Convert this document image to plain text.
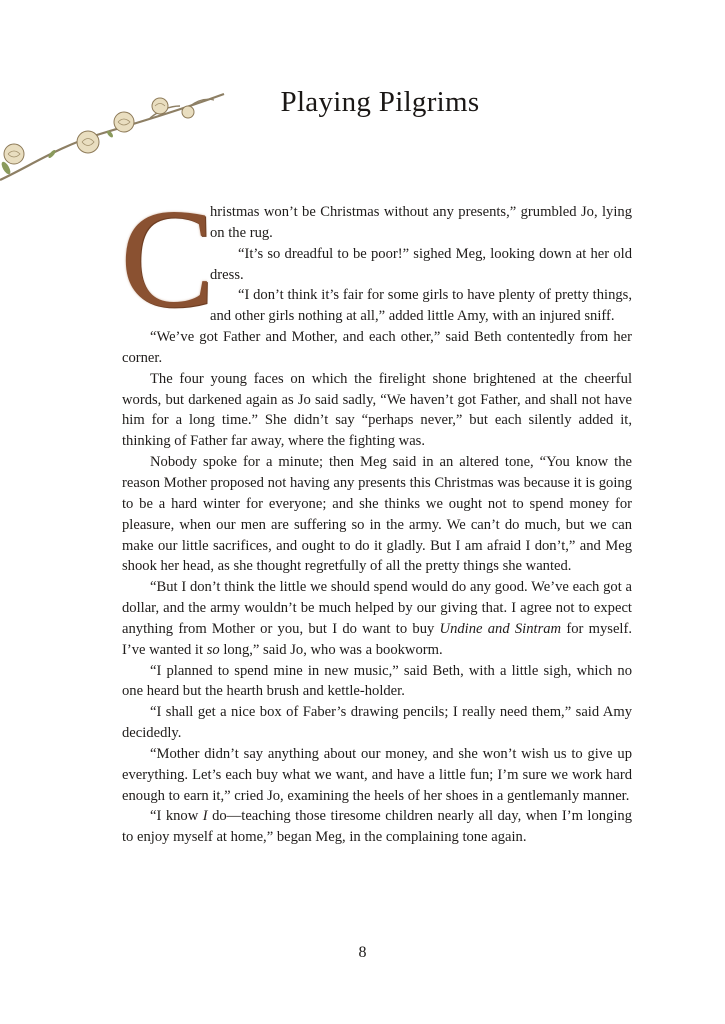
Playing Pilgrims
C

hristmas won’t be Christmas without any presents,” grumbled Jo, lying on the rug.

“It’s so dreadful to be poor!” sighed Meg, looking down at her old dress.

“I don’t think it’s fair for some girls to have plenty of pretty things, and other girls nothing at all,” added little Amy, with an injured sniff.

“We’ve got Father and Mother, and each other,” said Beth contentedly from her corner.

The four young faces on which the firelight shone brightened at the cheerful words, but darkened again as Jo said sadly, “We haven’t got Father, and shall not have him for a long time.” She didn’t say “perhaps never,” but each silently added it, thinking of Father far away, where the fighting was.

Nobody spoke for a minute; then Meg said in an altered tone, “You know the reason Mother proposed not having any presents this Christmas was because it is going to be a hard winter for everyone; and she thinks we ought not to spend money for pleasure, when our men are suffering so in the army. We can’t do much, but we can make our little sacrifices, and ought to do it gladly. But I am afraid I don’t,” and Meg shook her head, as she thought regretfully of all the pretty things she wanted.

“But I don’t think the little we should spend would do any good. We’ve each got a dollar, and the army wouldn’t be much helped by our giving that. I agree not to expect anything from Mother or you, but I do want to buy Undine and Sintram for myself. I’ve wanted it so long,” said Jo, who was a bookworm.

“I planned to spend mine in new music,” said Beth, with a little sigh, which no one heard but the hearth brush and kettle-holder.

“I shall get a nice box of Faber’s drawing pencils; I really need them,” said Amy decidedly.

“Mother didn’t say anything about our money, and she won’t wish us to give up everything. Let’s each buy what we want, and have a little fun; I’m sure we work hard enough to earn it,” cried Jo, examining the heels of her shoes in a gentlemanly manner.

“I know I do—teaching those tiresome children nearly all day, when I’m longing to enjoy myself at home,” began Meg, in the complaining tone again.

8
